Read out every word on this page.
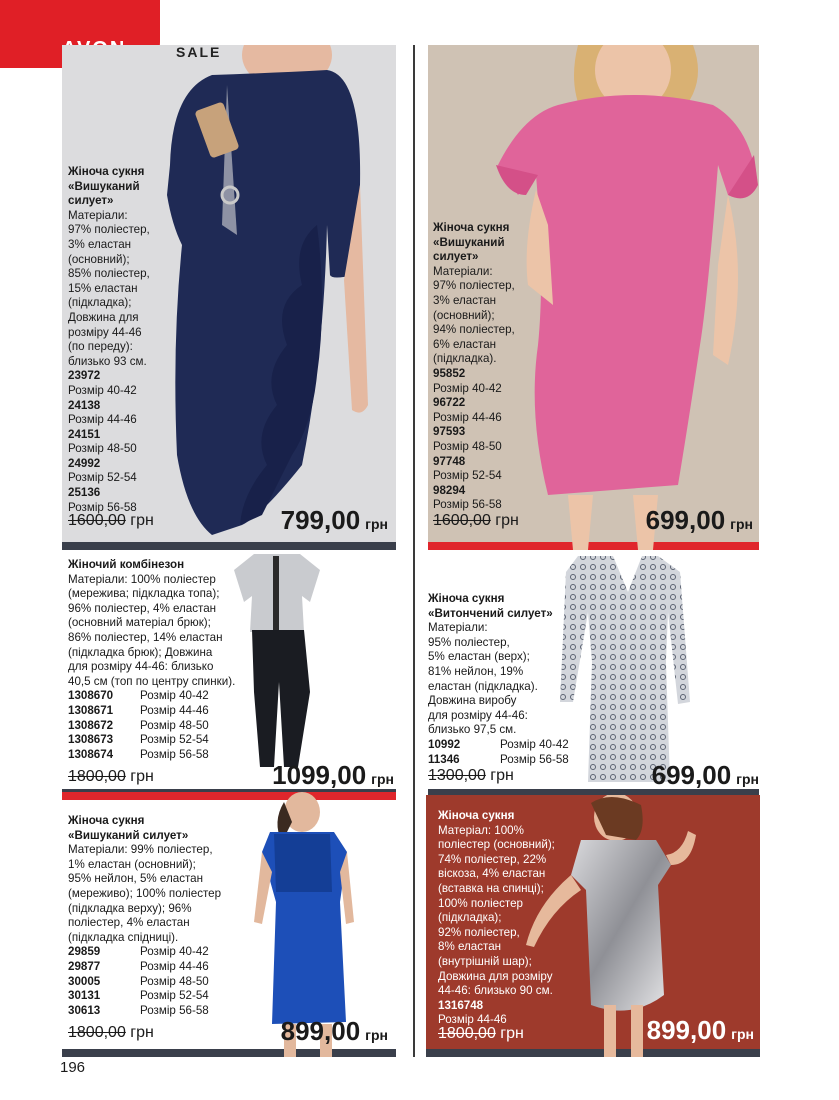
SALE
Жіноча сукня
«Вишуканий
силует»
Матеріали:
97% поліестер,
3% еластан
(основний);
85% поліестер,
15% еластан
(підкладка);
Довжина для
розміру 44-46
(по переду):
близько 93 см.
23972
Розмір 40-42
24138
Розмір 44-46
24151
Розмір 48-50
24992
Розмір 52-54
25136
Розмір 56-58
1600,00 грн	799,00 грн
Жіноча сукня
«Вишуканий
силует»
Матеріали:
97% поліестер,
3% еластан
(основний);
94% поліестер,
6% еластан
(підкладка).
95852
Розмір 40-42
96722
Розмір 44-46
97593
Розмір 48-50
97748
Розмір 52-54
98294
Розмір 56-58
1600,00 грн	699,00 грн
Жіночий комбінезон
Матеріали: 100% поліестер
(мережива; підкладка топа);
96% поліестер, 4% еластан
(основний матеріал брюк);
86% поліестер, 14% еластан
(підкладка брюк); Довжина
для розміру 44-46: близько
40,5 см (топ по центру спинки).
1308670	Розмір 40-42
1308671	Розмір 44-46
1308672	Розмір 48-50
1308673	Розмір 52-54
1308674	Розмір 56-58
1800,00 грн	1099,00 грн
Жіноча сукня
«Витончений силует»
Матеріали:
95% поліестер,
5% еластан (верх);
81% нейлон, 19%
еластан (підкладка).
Довжина виробу
для розміру 44-46:
близько 97,5 см.
10992	Розмір 40-42
11346	Розмір 56-58
1300,00 грн	699,00 грн
Жіноча сукня
«Вишуканий силует»
Матеріали: 99% поліестер,
1% еластан (основний);
95% нейлон, 5% еластан
(мереживо); 100% поліестер
(підкладка верху); 96%
поліестер, 4% еластан
(підкладка спідниці).
29859	Розмір 40-42
29877	Розмір 44-46
30005	Розмір 48-50
30131	Розмір 52-54
30613	Розмір 56-58
1800,00 грн	899,00 грн
Жіноча сукня
Матеріал: 100%
поліестер (основний);
74% поліестер, 22%
віскоза, 4% еластан
(вставка на спинці);
100% поліестер
(підкладка);
92% поліестер,
8% еластан
(внутрішній шар);
Довжина для розміру
44-46: близько 90 см.
1316748
Розмір 44-46
1800,00 грн	899,00 грн
196
